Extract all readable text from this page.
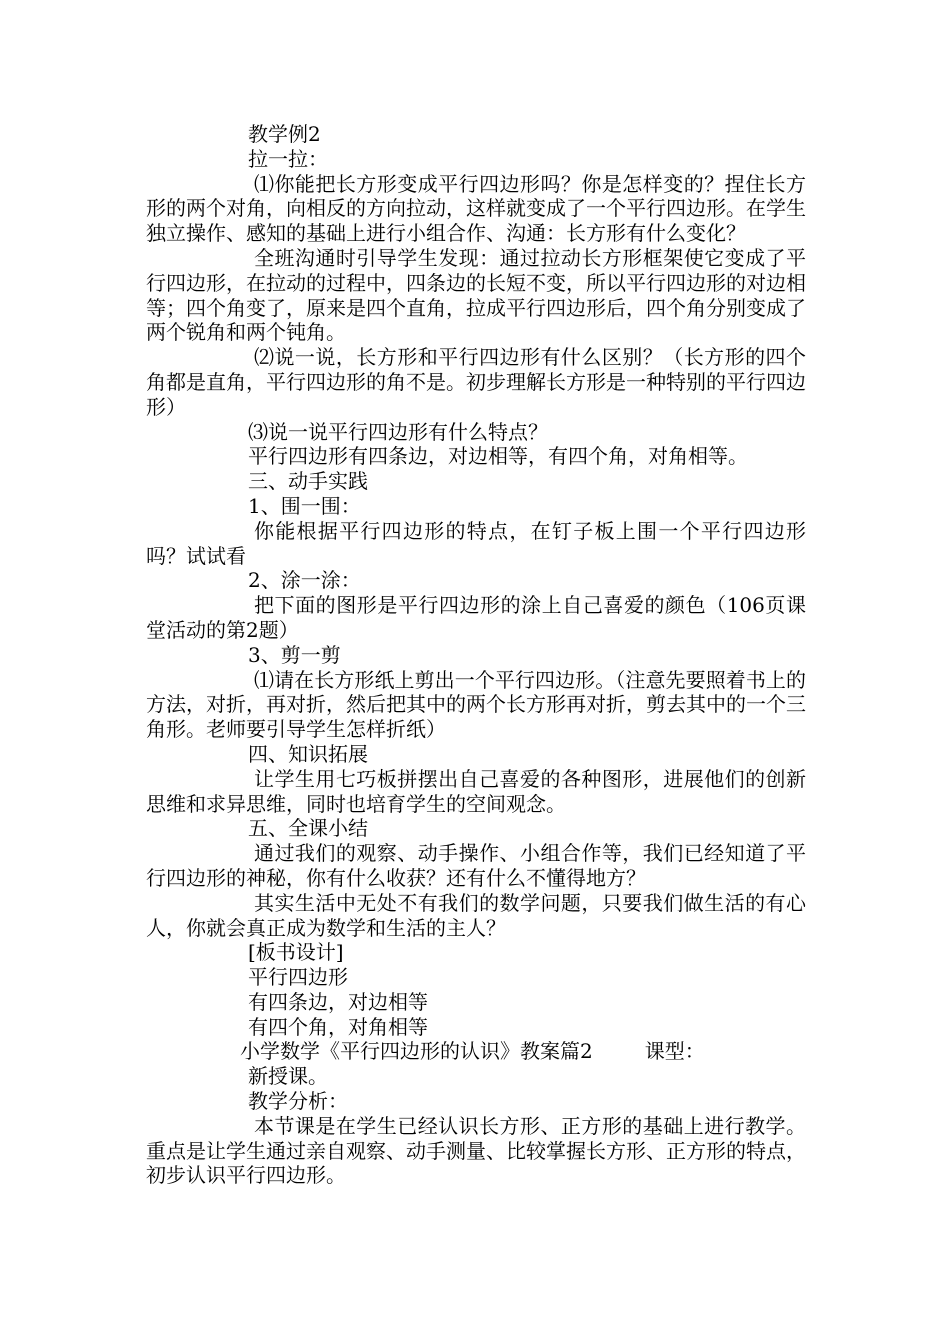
教学例2

拉一拉：

⑴你能把长方形变成平行四边形吗？你是怎样变的？捏住长方形的两个对角，向相反的方向拉动，这样就变成了一个平行四边形。在学生独立操作、感知的基础上进行小组合作、沟通：长方形有什么变化？

全班沟通时引导学生发现：通过拉动长方形框架使它变成了平行四边形，在拉动的过程中，四条边的长短不变，所以平行四边形的对边相等；四个角变了，原来是四个直角，拉成平行四边形后，四个角分别变成了两个锐角和两个钝角。

⑵说一说，长方形和平行四边形有什么区别？（长方形的四个角都是直角，平行四边形的角不是。初步理解长方形是一种特别的平行四边形）

⑶说一说平行四边形有什么特点？

平行四边形有四条边，对边相等，有四个角，对角相等。

三、动手实践

1、围一围：

你能根据平行四边形的特点，在钉子板上围一个平行四边形吗？试试看

2、涂一涂：

把下面的图形是平行四边形的涂上自己喜爱的颜色（106页课堂活动的第2题）

3、剪一剪

⑴请在长方形纸上剪出一个平行四边形。（注意先要照着书上的方法，对折，再对折，然后把其中的两个长方形再对折，剪去其中的一个三角形。老师要引导学生怎样折纸）

四、知识拓展

让学生用七巧板拼摆出自己喜爱的各种图形，进展他们的创新思维和求异思维，同时也培育学生的空间观念。

五、全课小结

通过我们的观察、动手操作、小组合作等，我们已经知道了平行四边形的神秘，你有什么收获？还有什么不懂得地方？

其实生活中无处不有我们的数学问题，只要我们做生活的有心人，你就会真正成为数学和生活的主人？

[板书设计]

平行四边形

有四条边，对边相等

有四个角，对角相等

小学数学《平行四边形的认识》教案篇2	课型：

新授课。

教学分析：

本节课是在学生已经认识长方形、正方形的基础上进行教学。重点是让学生通过亲自观察、动手测量、比较掌握长方形、正方形的特点，初步认识平行四边形。
